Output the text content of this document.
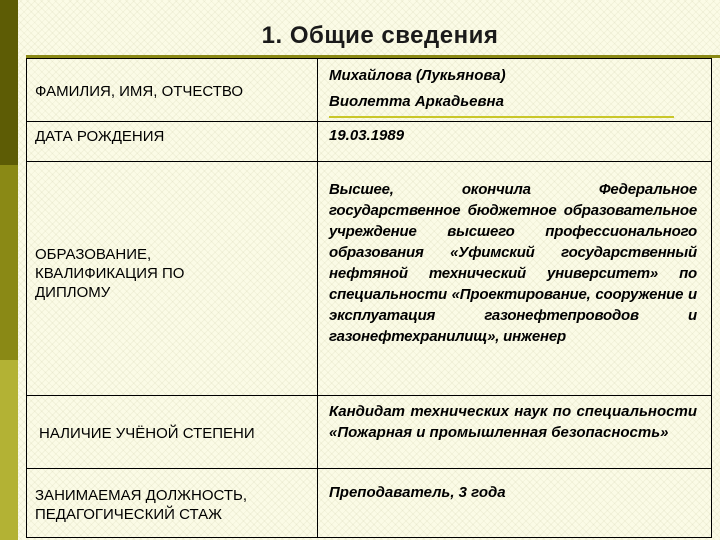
1. Общие сведения
ФАМИЛИЯ, ИМЯ, ОТЧЕСТВО
Михайлова (Лукьянова)
Виолетта Аркадьевна
ДАТА РОЖДЕНИЯ	19.03.1989
ОБРАЗОВАНИЕ,
КВАЛИФИКАЦИЯ ПО
ДИПЛОМУ
Высшее, окончила Федеральное государственное бюджетное образовательное учреждение высшего профессионального образования «Уфимский государственный нефтяной технический университет» по специальности «Проектирование, сооружение и эксплуатация газонефтепроводов и газонефтехранилищ», инженер
НАЛИЧИЕ УЧЁНОЙ СТЕПЕНИ
Кандидат технических наук по специальности «Пожарная и промышленная безопасность»
ЗАНИМАЕМАЯ ДОЛЖНОСТЬ,
ПЕДАГОГИЧЕСКИЙ СТАЖ
Преподаватель, 3 года
